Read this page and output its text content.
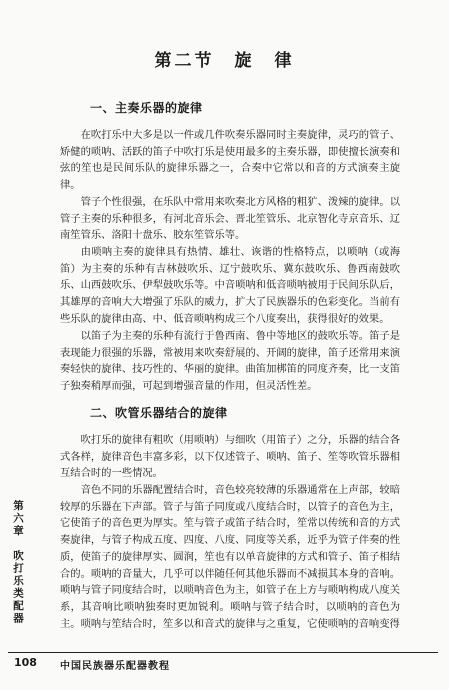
第二节　旋　律
一、主奏乐器的旋律

在吹打乐中大多是以一件或几件吹奏乐器同时主奏旋律，灵巧的管子、矫健的唢呐、活跃的笛子中吹打乐是使用最多的主奏乐器，即使擅长演奏和弦的笙也是民间乐队的旋律乐器之一，合奏中它常以和音的方式演奏主旋律。

管子个性很强，在乐队中常用来吹奏北方风格的粗犷、泼辣的旋律。以管子主奏的乐种很多，有河北音乐会、晋北笙管乐、北京智化寺京音乐、辽南笙管乐、洛阳十盘乐、胶东笙管乐等。

由唢呐主奏的旋律具有热情、雄壮、诙谐的性格特点，以唢呐（或海笛）为主奏的乐种有吉林鼓吹乐、辽宁鼓吹乐、冀东鼓吹乐、鲁西南鼓吹乐、山西鼓吹乐、伊犁鼓吹乐等。中音唢呐和低音唢呐被用于民间乐队后，其雄厚的音响大大增强了乐队的威力，扩大了民族器乐的色彩变化。当前有些乐队的旋律由高、中、低音唢呐构成三个八度奏出，获得很好的效果。

以笛子为主奏的乐种有流行于鲁西南、鲁中等地区的鼓吹乐等。笛子是表现能力很强的乐器，常被用来吹奏舒展的、开阔的旋律，笛子还常用来演奏轻快的旋律、技巧性的、华丽的旋律。曲笛加梆笛的同度齐奏，比一支笛子独奏稍厚而强，可起到增强音量的作用，但灵活性差。

二、吹管乐器结合的旋律

吹打乐的旋律有粗吹（用唢呐）与细吹（用笛子）之分，乐器的结合各式各样，旋律音色丰富多彩，以下仅述管子、唢呐、笛子、笙等吹管乐器相互结合时的一些情况。

音色不同的乐器配置结合时，音色较亮较薄的乐器通常在上声部，较暗较厚的乐器在下声部。管子与笛子同度或八度结合时，以管子的音色为主，它使笛子的音色更为厚实。笙与管子或笛子结合时，笙常以传统和音的方式奏旋律，与管子构成五度、四度、八度、同度等关系，近乎为管子伴奏的性质，使笛子的旋律厚实、圆润，笙也有以单音旋律的方式和管子、笛子相结合的。唢呐的音量大，几乎可以伴随任何其他乐器而不减损其本身的音响。唢呐与管子同度结合时，以唢呐音色为主，如管子在上方与唢呐构成八度关系，其音响比唢呐独奏时更加锐利。唢呐与管子结合时，以唢呐的音色为主。唢呐与笙结合时，笙多以和音式的旋律与之重复，它使唢呐的音响变得

第六章　吹打乐类配器
108 中国民族器乐配器教程
